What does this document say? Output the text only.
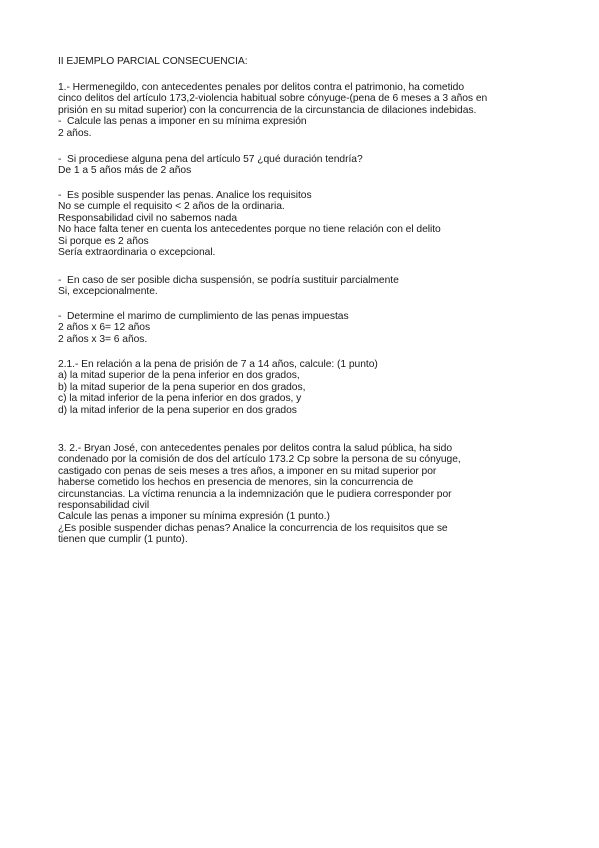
II EJEMPLO PARCIAL CONSECUENCIA:
1.- Hermenegildo, con antecedentes penales por delitos contra el patrimonio, ha cometido
cinco delitos del artículo 173,2-violencia habitual sobre cónyuge-(pena de 6 meses a 3 años en
prisión en su mitad superior) con la concurrencia de la circunstancia de dilaciones indebidas.
-  Calcule las penas a imponer en su mínima expresión
2 años.
-  Si procediese alguna pena del artículo 57 ¿qué duración tendría?
De 1 a 5 años más de 2 años
-  Es posible suspender las penas. Analice los requisitos
No se cumple el requisito < 2 años de la ordinaria.
Responsabilidad civil no sabemos nada
No hace falta tener en cuenta los antecedentes porque no tiene relación con el delito
Si porque es 2 años
Sería extraordinaria o excepcional.
-  En caso de ser posible dicha suspensión, se podría sustituir parcialmente
Si, excepcionalmente.
-  Determine el marimo de cumplimiento de las penas impuestas
2 años x 6= 12 años
2 años x 3= 6 años.
2.1.- En relación a la pena de prisión de 7 a 14 años, calcule: (1 punto)
a) la mitad superior de la pena inferior en dos grados,
b) la mitad superior de la pena superior en dos grados,
c) la mitad inferior de la pena inferior en dos grados, y
d) la mitad inferior de la pena superior en dos grados
3. 2.- Bryan José, con antecedentes penales por delitos contra la salud pública, ha sido
condenado por la comisión de dos del artículo 173.2 Cp sobre la persona de su cónyuge,
castigado con penas de seis meses a tres años, a imponer en su mitad superior por
haberse cometido los hechos en presencia de menores, sin la concurrencia de
circunstancias. La víctima renuncia a la indemnización que le pudiera corresponder por
responsabilidad civil
Calcule las penas a imponer su mínima expresión (1 punto.)
¿Es posible suspender dichas penas? Analice la concurrencia de los requisitos que se
tienen que cumplir (1 punto).
